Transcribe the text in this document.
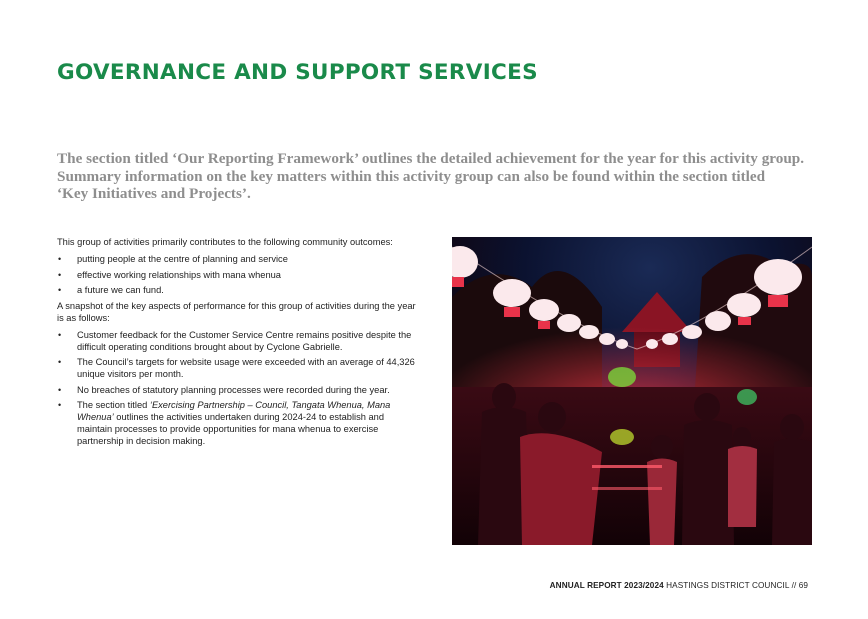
GOVERNANCE AND SUPPORT SERVICES
The section titled ‘Our Reporting Framework’ outlines the detailed achievement for the year for this activity group.
Summary information on the key matters within this activity group can also be found within the section titled
‘Key Initiatives and Projects’.

This group of activities primarily contributes to the following community outcomes:

• putting people at the centre of planning and service
• effective working relationships with mana whenua
• a future we can fund.

A snapshot of the key aspects of performance for this group of activities during the year is as follows:

• Customer feedback for the Customer Service Centre remains positive despite the difficult operating conditions brought about by Cyclone Gabrielle.
• The Council’s targets for website usage were exceeded with an average of 44,326 unique visitors per month.
• No breaches of statutory planning processes were recorded during the year.
• The section titled ‘Exercising Partnership – Council, Tangata Whenua, Mana Whenua’ outlines the activities undertaken during 2024-24 to establish and maintain processes to provide opportunities for mana whenua to exercise partnership in decision making.
ANNUAL REPORT 2023/2024 HASTINGS DISTRICT COUNCIL // 69
